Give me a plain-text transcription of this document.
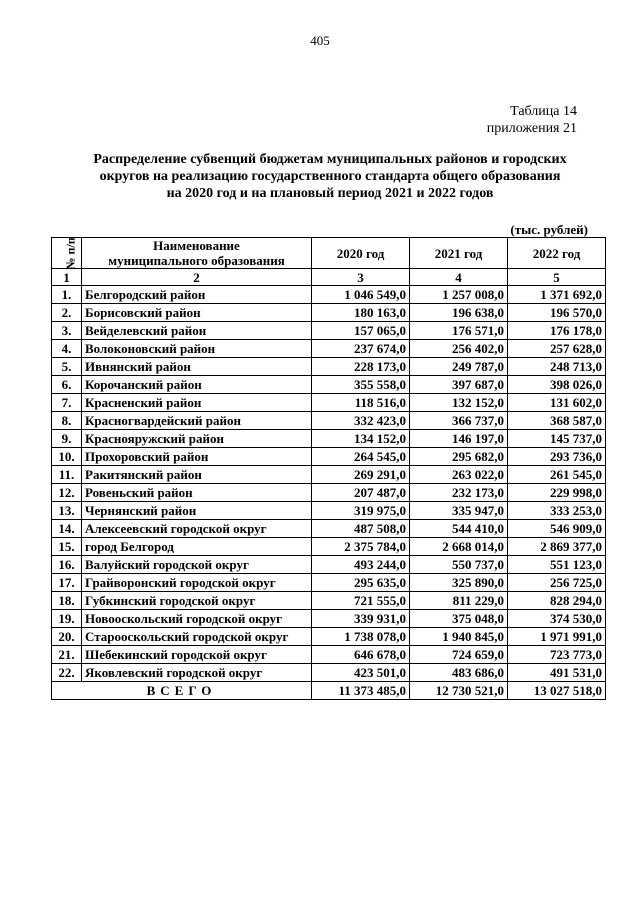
405
Таблица 14
приложения 21
Распределение субвенций бюджетам муниципальных районов и городских
округов на реализацию государственного стандарта общего образования
на 2020 год и на плановый период 2021 и 2022 годов
(тыс. рублей)
№ п/п	Наименование
муниципального образования	2020 год	2021 год	2022 год
1	2	3	4	5
1.	Белгородский район	1 046 549,0	1 257 008,0	1 371 692,0
2.	Борисовский район	180 163,0	196 638,0	196 570,0
3.	Вейделевский район	157 065,0	176 571,0	176 178,0
4.	Волоконовский район	237 674,0	256 402,0	257 628,0
5.	Ивнянский район	228 173,0	249 787,0	248 713,0
6.	Корочанский район	355 558,0	397 687,0	398 026,0
7.	Красненский район	118 516,0	132 152,0	131 602,0
8.	Красногвардейский район	332 423,0	366 737,0	368 587,0
9.	Краснояружский район	134 152,0	146 197,0	145 737,0
10.	Прохоровский район	264 545,0	295 682,0	293 736,0
11.	Ракитянский район	269 291,0	263 022,0	261 545,0
12.	Ровеньский район	207 487,0	232 173,0	229 998,0
13.	Чернянский район	319 975,0	335 947,0	333 253,0
14.	Алексеевский городской округ	487 508,0	544 410,0	546 909,0
15.	город Белгород	2 375 784,0	2 668 014,0	2 869 377,0
16.	Валуйский городской округ	493 244,0	550 737,0	551 123,0
17.	Грайворонский городской округ	295 635,0	325 890,0	256 725,0
18.	Губкинский городской округ	721 555,0	811 229,0	828 294,0
19.	Новооскольский городской округ	339 931,0	375 048,0	374 530,0
20.	Старооскольский городской округ	1 738 078,0	1 940 845,0	1 971 991,0
21.	Шебекинский городской округ	646 678,0	724 659,0	723 773,0
22.	Яковлевский городской округ	423 501,0	483 686,0	491 531,0
ВСЕГО		11 373 485,0	12 730 521,0	13 027 518,0
